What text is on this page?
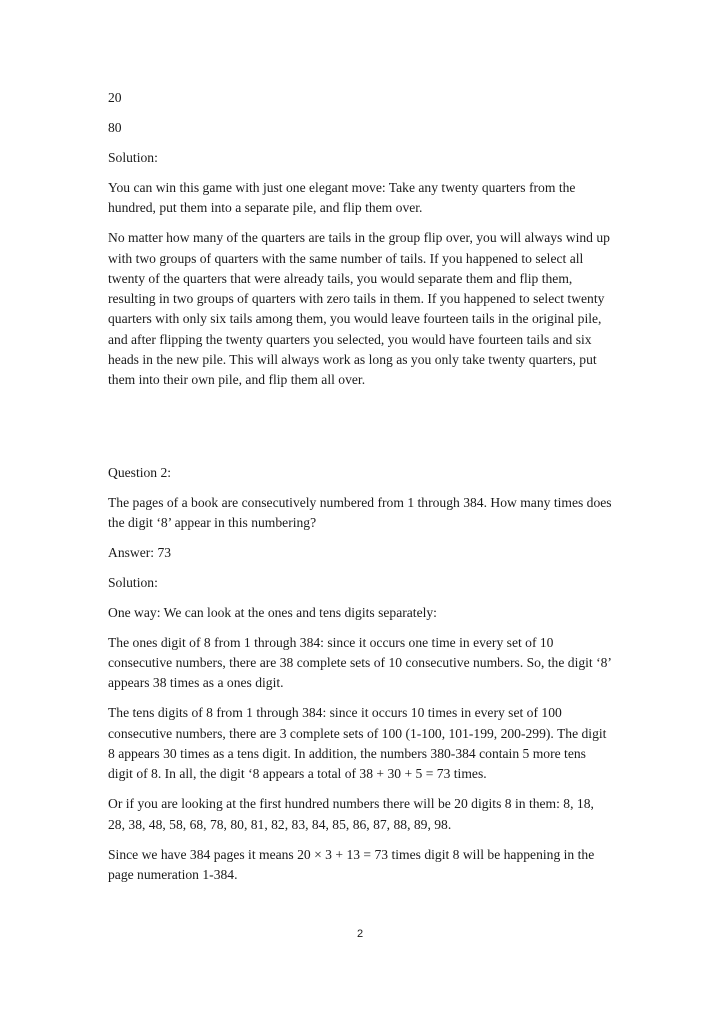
20

80

Solution:

You can win this game with just one elegant move: Take any twenty quarters from the hundred, put them into a separate pile, and flip them over.

No matter how many of the quarters are tails in the group flip over, you will always wind up with two groups of quarters with the same number of tails. If you happened to select all twenty of the quarters that were already tails, you would separate them and flip them, resulting in two groups of quarters with zero tails in them. If you happened to select twenty quarters with only six tails among them, you would leave fourteen tails in the original pile, and after flipping the twenty quarters you selected, you would have fourteen tails and six heads in the new pile. This will always work as long as you only take twenty quarters, put them into their own pile, and flip them all over.

Question 2:

The pages of a book are consecutively numbered from 1 through 384. How many times does the digit ‘8’ appear in this numbering?

Answer: 73

Solution:

One way: We can look at the ones and tens digits separately:

The ones digit of 8 from 1 through 384: since it occurs one time in every set of 10 consecutive numbers, there are 38 complete sets of 10 consecutive numbers. So, the digit ‘8’ appears 38 times as a ones digit.

The tens digits of 8 from 1 through 384: since it occurs 10 times in every set of 100 consecutive numbers, there are 3 complete sets of 100 (1-100, 101-199, 200-299). The digit 8 appears 30 times as a tens digit. In addition, the numbers 380-384 contain 5 more tens digit of 8. In all, the digit ‘8 appears a total of 38 + 30 + 5 = 73 times.

Or if you are looking at the first hundred numbers there will be 20 digits 8 in them: 8, 18, 28, 38, 48, 58, 68, 78, 80, 81, 82, 83, 84, 85, 86, 87, 88, 89, 98.

Since we have 384 pages it means 20 × 3 + 13 = 73 times digit 8 will be happening in the page numeration 1-384.

2
